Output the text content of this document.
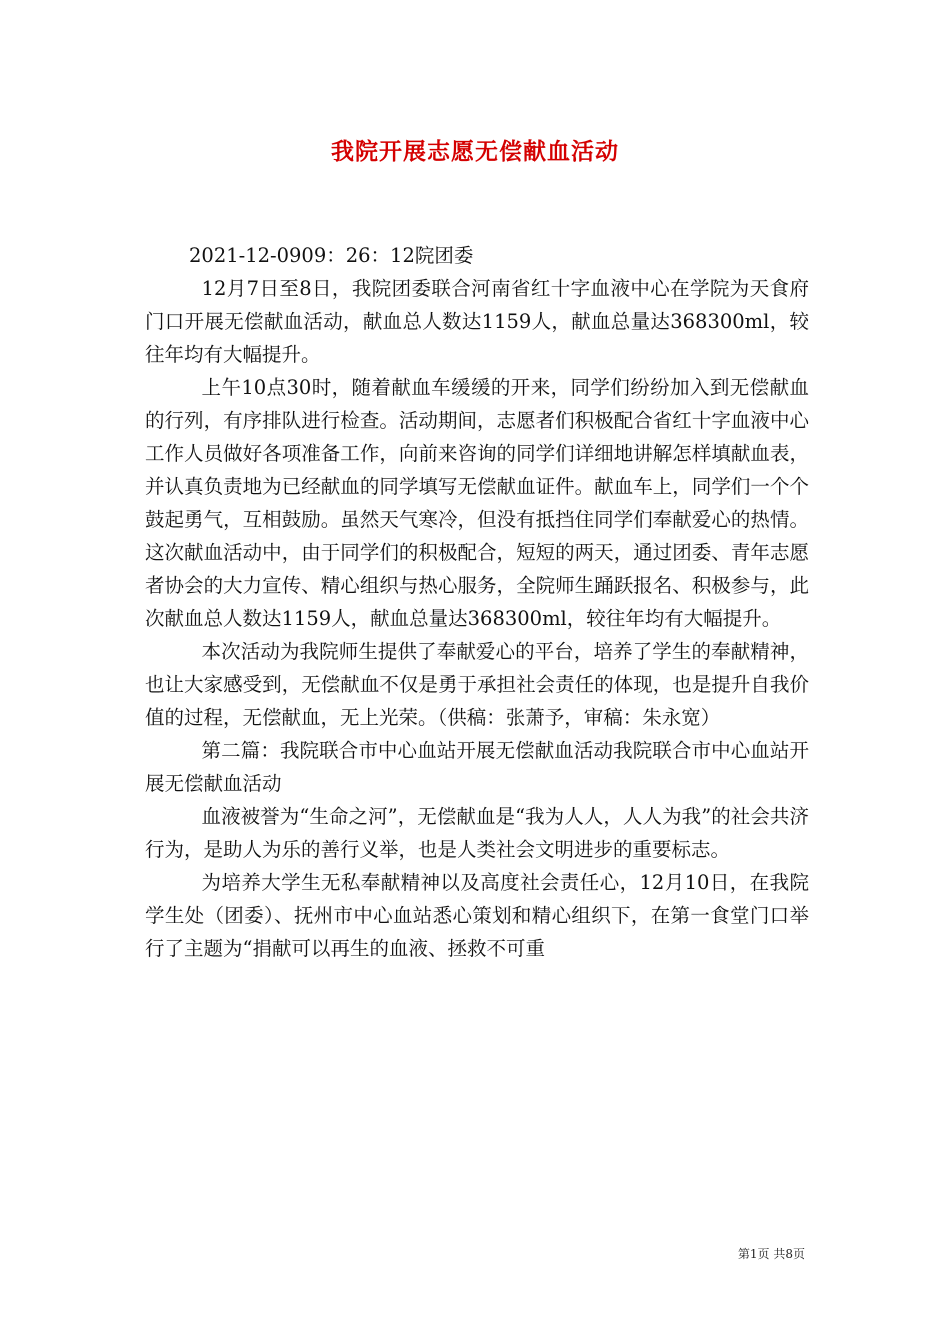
我院开展志愿无偿献血活动

2021-12-0909：26：12院团委

12月7日至8日，我院团委联合河南省红十字血液中心在学院为天食府门口开展无偿献血活动，献血总人数达1159人，献血总量达368300ml，较往年均有大幅提升。

上午10点30时，随着献血车缓缓的开来，同学们纷纷加入到无偿献血的行列，有序排队进行检查。活动期间，志愿者们积极配合省红十字血液中心工作人员做好各项准备工作，向前来咨询的同学们详细地讲解怎样填献血表，并认真负责地为已经献血的同学填写无偿献血证件。献血车上，同学们一个个鼓起勇气，互相鼓励。虽然天气寒冷，但没有抵挡住同学们奉献爱心的热情。这次献血活动中，由于同学们的积极配合，短短的两天，通过团委、青年志愿者协会的大力宣传、精心组织与热心服务，全院师生踊跃报名、积极参与，此次献血总人数达1159人，献血总量达368300ml，较往年均有大幅提升。

本次活动为我院师生提供了奉献爱心的平台，培养了学生的奉献精神，也让大家感受到，无偿献血不仅是勇于承担社会责任的体现，也是提升自我价值的过程，无偿献血，无上光荣。（供稿：张萧予，审稿：朱永宽）

第二篇：我院联合市中心血站开展无偿献血活动我院联合市中心血站开展无偿献血活动

血液被誉为“生命之河”，无偿献血是“我为人人，人人为我”的社会共济行为，是助人为乐的善行义举，也是人类社会文明进步的重要标志。

为培养大学生无私奉献精神以及高度社会责任心，12月10日，在我院学生处（团委）、抚州市中心血站悉心策划和精心组织下，在第一食堂门口举行了主题为“捐献可以再生的血液、拯救不可重

第1页 共8页
